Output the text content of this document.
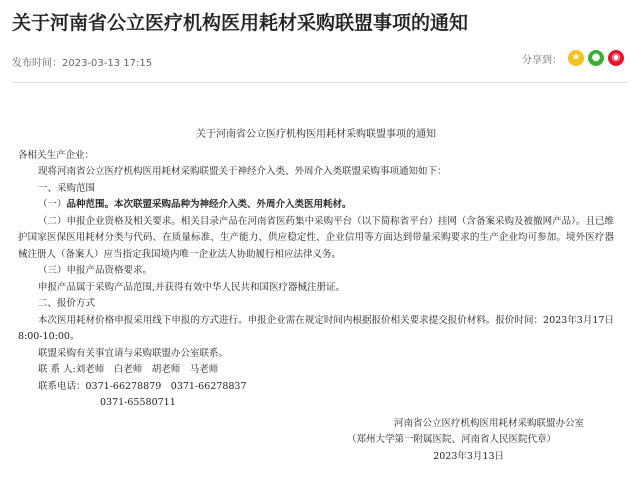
关于河南省公立医疗机构医用耗材采购联盟事项的通知
发布时间：2023-03-13 17:15	分享到： ★	●	◉
关于河南省公立医疗机构医用耗材采购联盟事项的通知

各相关生产企业：

现将河南省公立医疗机构医用耗材采购联盟关于神经介入类、外周介入类联盟采购事项通知如下：

一、采购范围

（一）品种范围。本次联盟采购品种为神经介入类、外周介入类医用耗材。

（二）申报企业资格及相关要求。相关目录产品在河南省医药集中采购平台（以下简称省平台）挂网（含备案采购及被撤网产品）。且已维护国家医保医用耗材分类与代码、在质量标准、生产能力、供应稳定性、企业信用等方面达到带量采购要求的生产企业均可参加。境外医疗器械注册人（备案人）应当指定我国境内唯一企业法人协助履行相应法律义务。

（三）申报产品资格要求。

申报产品属于采购产品范围,并获得有效中华人民共和国医疗器械注册证。

二、报价方式

本次医用耗材价格申报采用线下申报的方式进行。申报企业需在规定时间内根据报价相关要求提交报价材料。报价时间：2023年3月17日8:00-10:00。

联盟采购有关事宜请与采购联盟办公室联系。

联 系 人:刘老师　白老师　胡老师　马老师

联系电话：0371-66278879　 0371-66278837

0371-65580711

河南省公立医疗机构医用耗材采购联盟办公室

（郑州大学第一附属医院、河南省人民医院代章）

2023年3月13日
